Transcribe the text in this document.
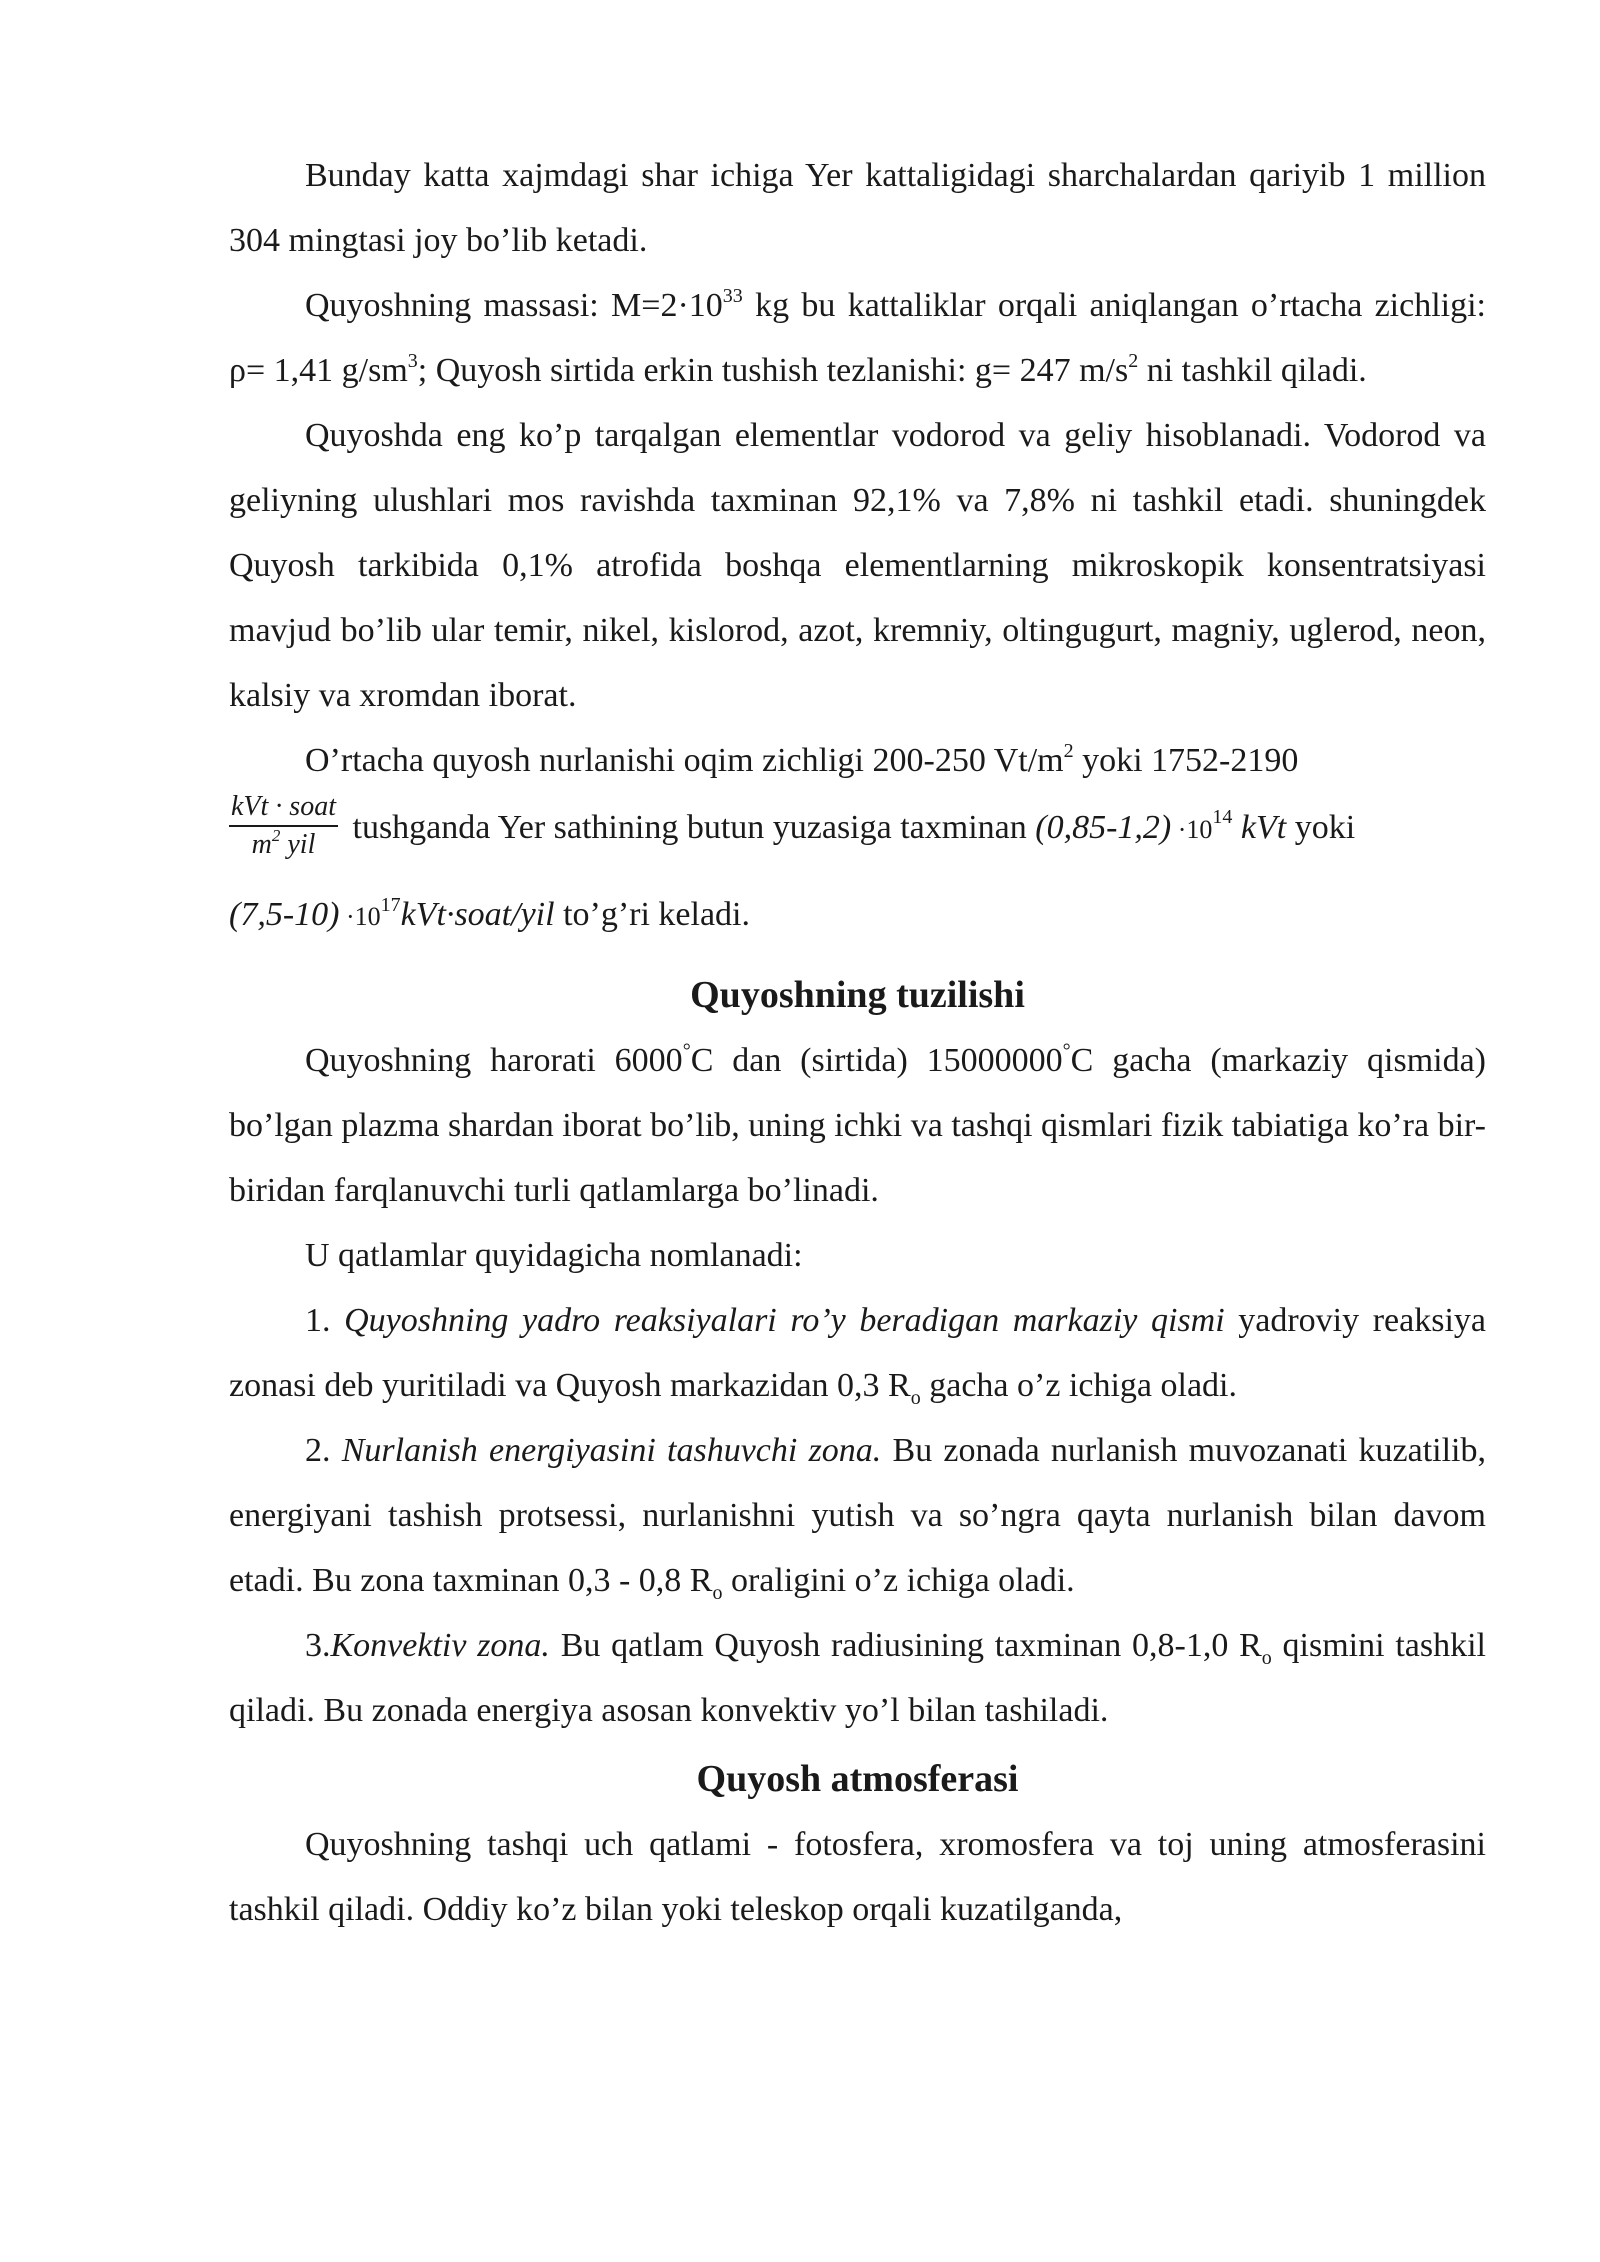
Bunday katta xajmdagi shar ichiga Yer kattaligidagi sharchalardan qariyib 1 million 304 mingtasi joy bo’lib ketadi.

Quyoshning massasi: $M=2\cdot 10^{33}$ kg bu kattaliklar orqali aniqlangan o’rtacha zichligi: ρ= 1,41 $g/sm^3$; Quyosh sirtida erkin tushish tezlanishi: g= 247 $m/s^2$ ni tashkil qiladi.

Quyoshda eng ko’p tarqalgan elementlar vodorod va geliy hisoblanadi. Vodorod va geliyning ulushlari mos ravishda taxminan 92,1% va 7,8% ni tashkil etadi. shuningdek Quyosh tarkibida 0,1% atrofida boshqa elementlarning mikroskopik konsentratsiyasi mavjud bo’lib ular temir, nikel, kislorod, azot, kremniy, oltingugurt, magniy, uglerod, neon, kalsiy va xromdan iborat.

O’rtacha quyosh nurlanishi oqim zichligi 200-250 $Vt/m^2$ yoki 1752-2190

$\frac{\text{kVt · soat}}{m^2 yil}$ tushganda Yer sathining butun yuzasiga taxminan $(0,85-1,2) \cdot 10^{14}$ kVt yoki
$(7,5-10) \cdot 10^{17}kVt\cdot soat$/yil to’g’ri keladi.

Quyoshning tuzilishi

Quyoshning harorati 6000°C dan (sirtida) 15000000°C gacha (markaziy qismida) bo’lgan plazma shardan iborat bo’lib, uning ichki va tashqi qismlari fizik tabiatiga ko’ra bir-biridan farqlanuvchi turli qatlamlarga bo’linadi.

U qatlamlar quyidagicha nomlanadi:

1. Quyoshning yadro reaksiyalari ro’y beradigan markaziy qismi yadroviy reaksiya zonasi deb yuritiladi va Quyosh markazidan 0,3 $R_o$ gacha o’z ichiga oladi.

2. Nurlanish energiyasini tashuvchi zona. Bu zonada nurlanish muvozanati kuzatilib, energiyani tashish protsessi, nurlanishni yutish va so’ngra qayta nurlanish bilan davom etadi. Bu zona taxminan 0,3 - 0,8 $R_o$ oraligini o’z ichiga oladi.

3.Konvektiv zona. Bu qatlam Quyosh radiusining taxminan 0,8-1,0 $R_o$ qismini tashkil qiladi. Bu zonada energiya asosan konvektiv yo’l bilan tashiladi.

Quyosh atmosferasi

Quyoshning tashqi uch qatlami - fotosfera, xromosfera va toj uning atmosferasini tashkil qiladi. Oddiy ko’z bilan yoki teleskop orqali kuzatilganda,
